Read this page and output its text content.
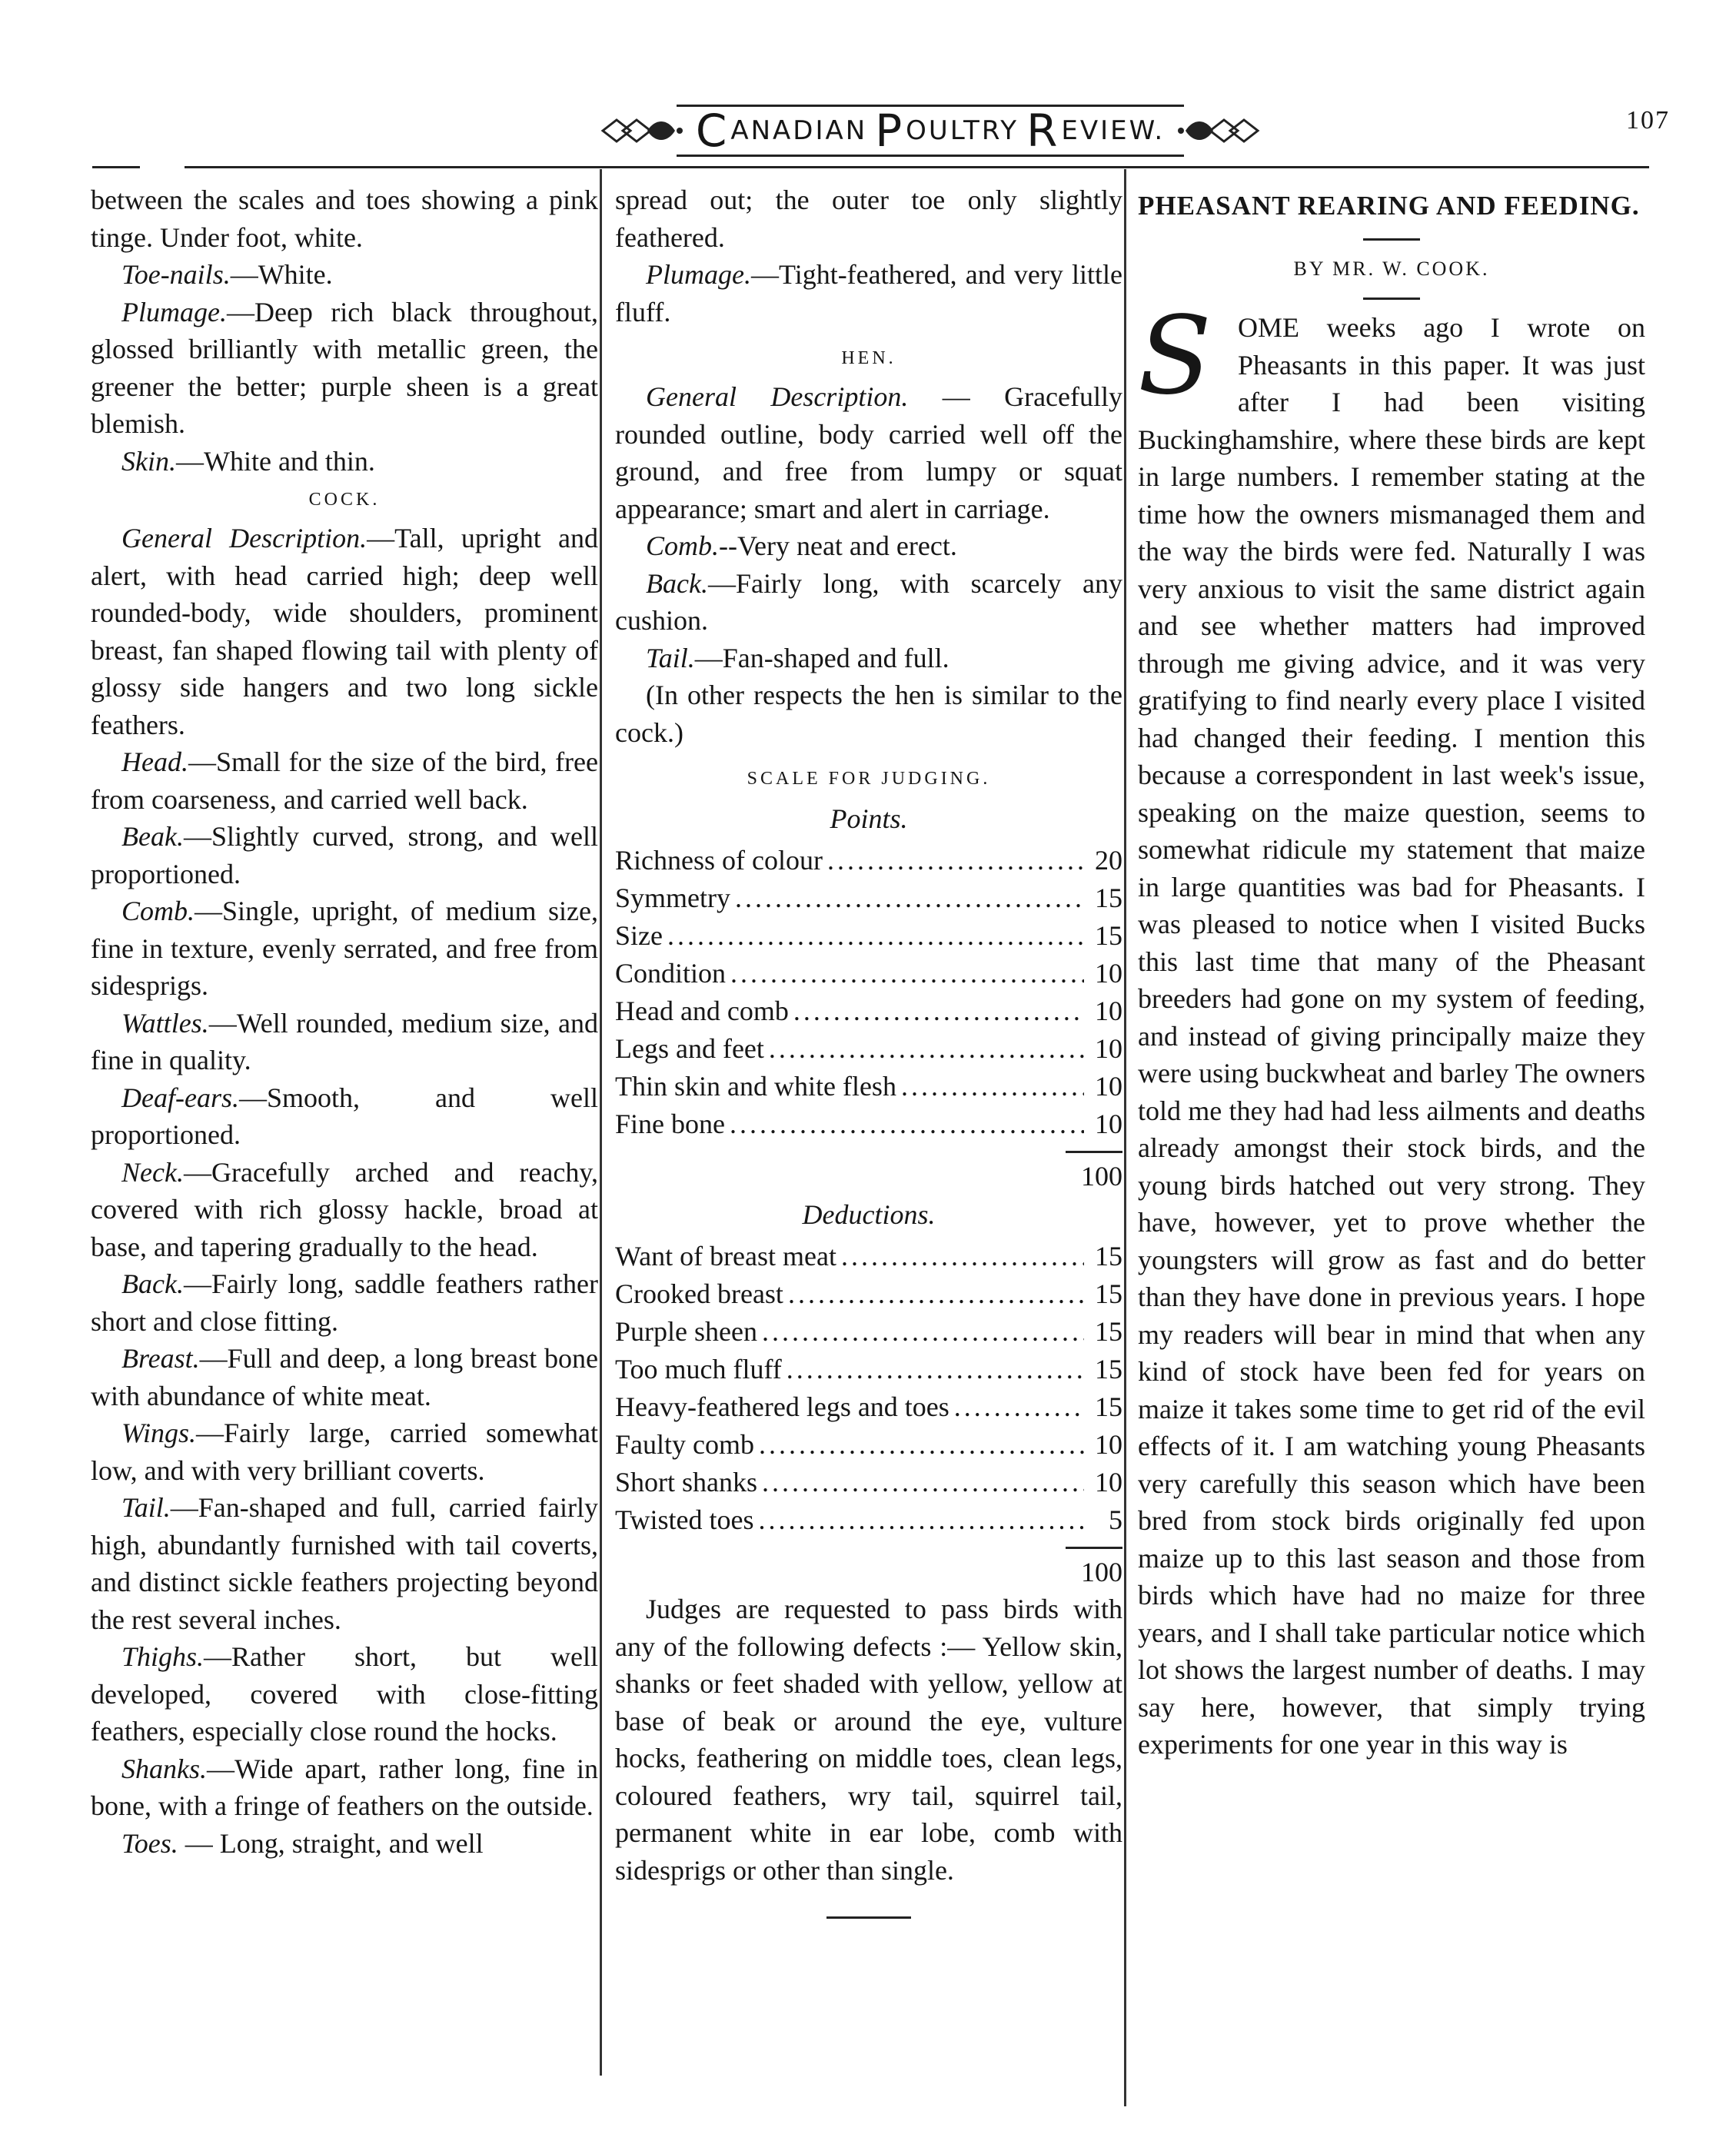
C ANADIAN P OULTRY R EVIEW.	107

between the scales and toes showing a pink tinge. Under foot, white.

Toe-nails.—White.

Plumage.—Deep rich black throughout, glossed brilliantly with metallic green, the greener the better; purple sheen is a great blemish.

Skin.—White and thin.

COCK.

General Description.—Tall, upright and alert, with head carried high; deep well rounded-body, wide shoulders, prominent breast, fan shaped flowing tail with plenty of glossy side hangers and two long sickle feathers.

Head.—Small for the size of the bird, free from coarseness, and carried well back.

Beak.—Slightly curved, strong, and well proportioned.

Comb.—Single, upright, of medium size, fine in texture, evenly serrated, and free from sidesprigs.

Wattles.—Well rounded, medium size, and fine in quality.

Deaf-ears.—Smooth, and well proportioned.

Neck.—Gracefully arched and reachy, covered with rich glossy hackle, broad at base, and tapering gradually to the head.

Back.—Fairly long, saddle feathers rather short and close fitting.

Breast.—Full and deep, a long breast bone with abundance of white meat.

Wings.—Fairly large, carried somewhat low, and with very brilliant coverts.

Tail.—Fan-shaped and full, carried fairly high, abundantly furnished with tail coverts, and distinct sickle feathers projecting beyond the rest several inches.

Thighs.—Rather short, but well developed, covered with close-fitting feathers, especially close round the hocks.

Shanks.—Wide apart, rather long, fine in bone, with a fringe of feathers on the outside.

Toes. — Long, straight, and well

spread out; the outer toe only slightly feathered.

Plumage.—Tight-feathered, and very little fluff.

HEN.

General Description. — Gracefully rounded outline, body carried well off the ground, and free from lumpy or squat appearance; smart and alert in carriage.

Comb.--Very neat and erect.

Back.—Fairly long, with scarcely any cushion.

Tail.—Fan-shaped and full.

(In other respects the hen is similar to the cock.)

SCALE FOR JUDGING.

Points.

Richness of colour .....	20
Symmetry .....	15
Size .....	15
Condition .....	10
Head and comb .....	10
Legs and feet .....	10
Thin skin and white flesh .....	10
Fine bone .....	10
100

Deductions.

Want of breast meat .....	15
Crooked breast .....	15
Purple sheen .....	15
Too much fluff .....	15
Heavy-feathered legs and toes .....	15
Faulty comb .....	10
Short shanks .....	10
Twisted toes .....	5
100

Judges are requested to pass birds with any of the following defects :— Yellow skin, shanks or feet shaded with yellow, yellow at base of beak or around the eye, vulture hocks, feathering on middle toes, clean legs, coloured feathers, wry tail, squirrel tail, permanent white in ear lobe, comb with sidesprigs or other than single.

PHEASANT REARING AND FEEDING.

BY MR. W. COOK.

SOME weeks ago I wrote on Pheasants in this paper. It was just after I had been visiting Buckinghamshire, where these birds are kept in large numbers. I remember stating at the time how the owners mismanaged them and the way the birds were fed. Naturally I was very anxious to visit the same district again and see whether matters had improved through me giving advice, and it was very gratifying to find nearly every place I visited had changed their feeding. I mention this because a correspondent in last week's issue, speaking on the maize question, seems to somewhat ridicule my statement that maize in large quantities was bad for Pheasants. I was pleased to notice when I visited Bucks this last time that many of the Pheasant breeders had gone on my system of feeding, and instead of giving principally maize they were using buckwheat and barley The owners told me they had had less ailments and deaths already amongst their stock birds, and the young birds hatched out very strong. They have, however, yet to prove whether the youngsters will grow as fast and do better than they have done in previous years. I hope my readers will bear in mind that when any kind of stock have been fed for years on maize it takes some time to get rid of the evil effects of it. I am watching young Pheasants very carefully this season which have been bred from stock birds originally fed upon maize up to this last season and those from birds which have had no maize for three years, and I shall take particular notice which lot shows the largest number of deaths. I may say here, however, that simply trying experiments for one year in this way is
